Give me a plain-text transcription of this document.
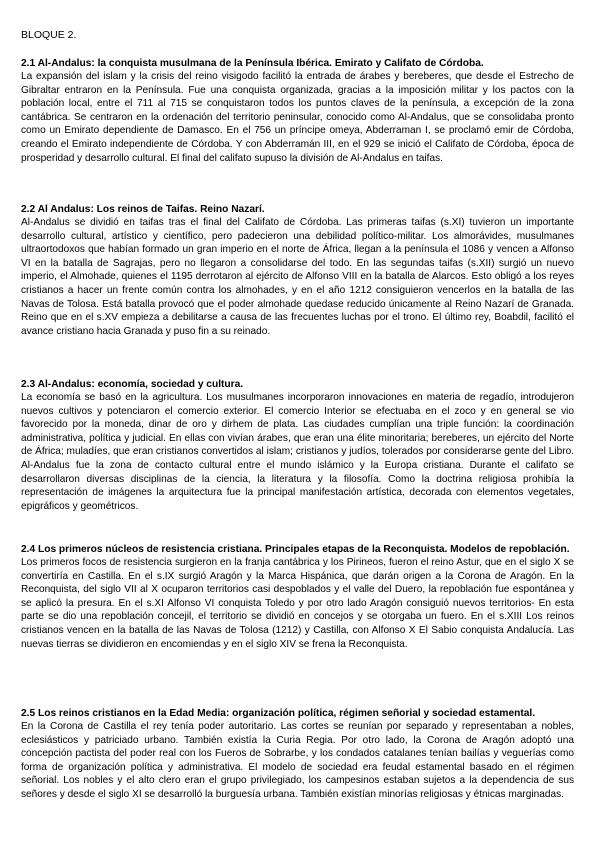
BLOQUE 2.
2.1 Al-Andalus: la conquista musulmana de la Península Ibérica. Emirato y Califato de Córdoba.

La expansión del islam y la crisis del reino visigodo facilitó la entrada de árabes y bereberes, que desde el Estrecho de Gibraltar entraron en la Península. Fue una conquista organizada, gracias a la imposición militar y los pactos con la población local, entre el 711 al 715 se conquistaron todos los puntos claves de la península, a excepción de la zona cantábrica. Se centraron en la ordenación del territorio peninsular, conocido como Al-Andalus, que se consolidaba pronto como un Emirato dependiente de Damasco. En el 756 un príncipe omeya, Abderraman I, se proclamó emir de Córdoba, creando el Emirato independiente de Córdoba. Y con Abderramán III, en el 929 se inició el Califato de Córdoba, época de prosperidad y desarrollo cultural. El final del califato supuso la división de Al-Andalus en taifas.

2.2 Al Andalus: Los reinos de Taifas. Reino Nazarí.

Al-Andalus se dividió en taifas tras el final del Califato de Córdoba. Las primeras taifas (s.XI) tuvieron un importante desarrollo cultural, artístico y científico, pero padecieron una debilidad político-militar. Los almorávides, musulmanes ultraortodoxos que habían formado un gran imperio en el norte de África, llegan a la península el 1086 y vencen a Alfonso VI en la batalla de Sagrajas, pero no llegaron a consolidarse del todo. En las segundas taifas (s.XII) surgió un nuevo imperio, el Almohade, quienes el 1195 derrotaron al ejército de Alfonso VIII en la batalla de Alarcos. Esto obligó a los reyes cristianos a hacer un frente común contra los almohades, y en el año 1212 consiguieron vencerlos en la batalla de las Navas de Tolosa. Está batalla provocó que el poder almohade quedase reducido únicamente al Reino Nazarí de Granada. Reino que en el s.XV empieza a debilitarse a causa de las frecuentes luchas por el trono. El último rey, Boabdil, facilitó el avance cristiano hacia Granada y puso fin a su reinado.

2.3 Al-Andalus: economía, sociedad y cultura.

La economía se basó en la agricultura. Los musulmanes incorporaron innovaciones en materia de regadío, introdujeron nuevos cultivos y potenciaron el comercio exterior. El comercio Interior se efectuaba en el zoco y en general se vio favorecido por la moneda, dinar de oro y dirhem de plata. Las ciudades cumplían una triple función: la coordinación administrativa, política y judicial. En ellas con vivían árabes, que eran una élite minoritaria; bereberes, un ejército del Norte de África; muladíes, que eran cristianos convertidos al islam; cristianos y judíos, tolerados por considerarse gente del Libro. Al-Andalus fue la zona de contacto cultural entre el mundo islámico y la Europa cristiana. Durante el califato se desarrollaron diversas disciplinas de la ciencia, la literatura y la filosofía. Como la doctrina religiosa prohibía la representación de imágenes la arquitectura fue la principal manifestación artística, decorada con elementos vegetales, epigráficos y geométricos.

2.4 Los primeros núcleos de resistencia cristiana. Principales etapas de la Reconquista. Modelos de repoblación.

Los primeros focos de resistencia surgieron en la franja cantábrica y los Pirineos, fueron el reino Astur, que en el siglo X se convertiría en Castilla. En el s.IX surgió Aragón y la Marca Hispánica, que darán origen a la Corona de Aragón. En la Reconquista, del siglo VII al X ocuparon territorios casi despoblados y el valle del Duero, la repoblación fue espontánea y se aplicó la presura. En el s.XI Alfonso VI conquista Toledo y por otro lado Aragón consiguió nuevos territorios- En esta parte se dio una repoblación concejil, el territorio se dividió en concejos y se otorgaba un fuero. En el s.XIII Los reinos cristianos vencen en la batalla de las Navas de Tolosa (1212) y Castilla, con Alfonso X El Sabio conquista Andalucía. Las nuevas tierras se dividieron en encomiendas y en el siglo XIV se frena la Reconquista.

2.5 Los reinos cristianos en la Edad Media: organización política, régimen señorial y sociedad estamental.

En la Corona de Castilla el rey tenía poder autoritario. Las cortes se reunían por separado y representaban a nobles, eclesiásticos y patriciado urbano. También existía la Curia Regia. Por otro lado, la Corona de Aragón adoptó una concepción pactista del poder real con los Fueros de Sobrarbe, y los condados catalanes tenían bailías y veguerías como forma de organización política y administrativa. El modelo de sociedad era feudal estamental basado en el régimen señorial. Los nobles y el alto clero eran el grupo privilegiado, los campesinos estaban sujetos a la dependencia de sus señores y desde el siglo XI se desarrolló la burguesía urbana. También existían minorías religiosas y étnicas marginadas.
